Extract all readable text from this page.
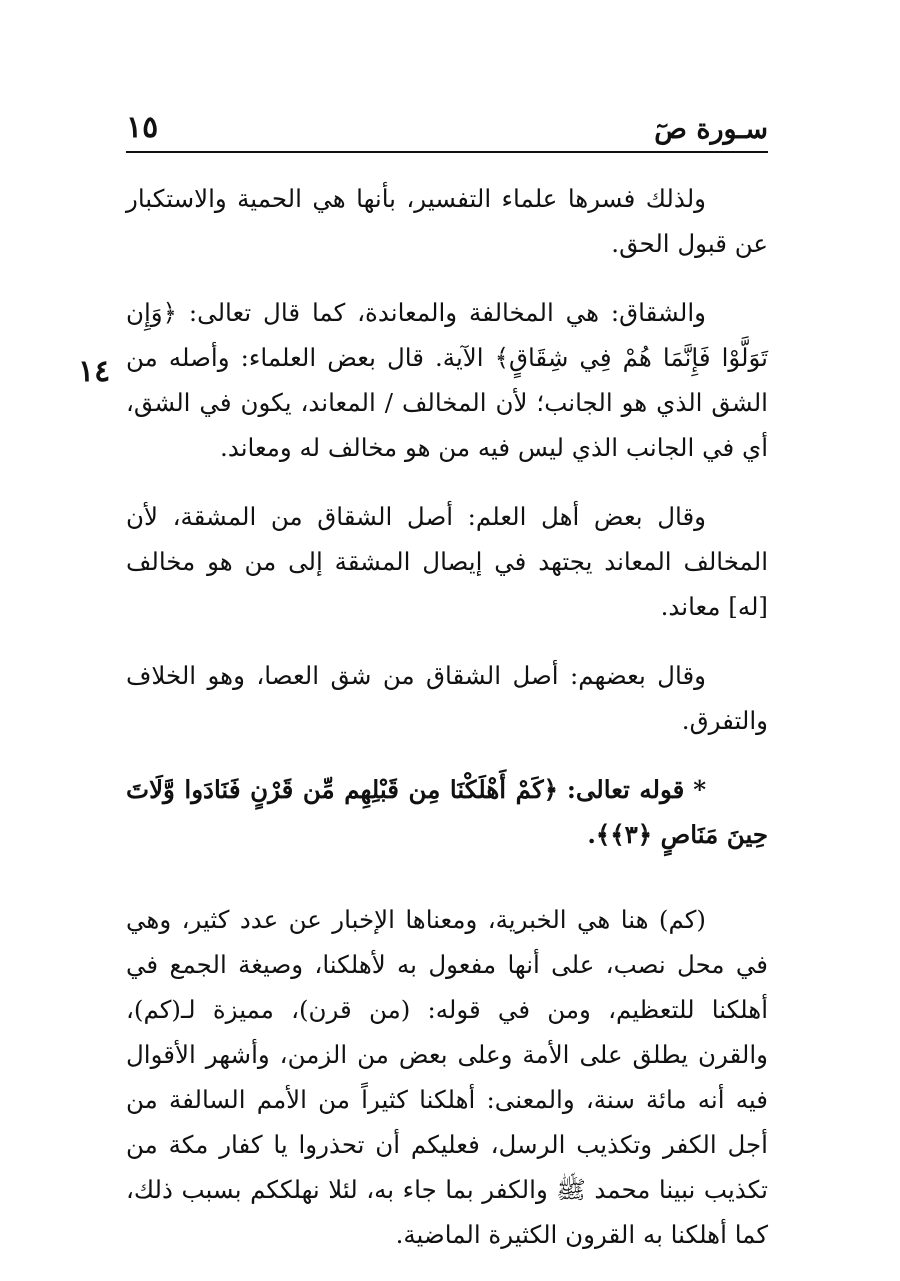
سـورة صٓ
١٥
١٤

ولذلك فسرها علماء التفسير، بأنها هي الحمية والاستكبار عن قبول الحق.

والشقاق: هي المخالفة والمعاندة، كما قال تعالى: ﴿وَإِن تَوَلَّوْا فَإِنَّمَا هُمْ فِي شِقَاقٍ﴾ الآية. قال بعض العلماء: وأصله من الشق الذي هو الجانب؛ لأن المخالف / المعاند، يكون في الشق، أي في الجانب الذي ليس فيه من هو مخالف له ومعاند.

وقال بعض أهل العلم: أصل الشقاق من المشقة، لأن المخالف المعاند يجتهد في إيصال المشقة إلى من هو مخالف [له] معاند.

وقال بعضهم: أصل الشقاق من شق العصا، وهو الخلاف والتفرق.

* قوله تعالى: ﴿كَمْ أَهْلَكْنَا مِن قَبْلِهِم مِّن قَرْنٍ فَنَادَوا وَّلَاتَ حِينَ مَنَاصٍ ﴿٣﴾﴾.

(كم) هنا هي الخبرية، ومعناها الإخبار عن عدد كثير، وهي في محل نصب، على أنها مفعول به لأهلكنا، وصيغة الجمع في أهلكنا للتعظيم، ومن في قوله: (من قرن)، مميزة لـ(كم)، والقرن يطلق على الأمة وعلى بعض من الزمن، وأشهر الأقوال فيه أنه مائة سنة، والمعنى: أهلكنا كثيراً من الأمم السالفة من أجل الكفر وتكذيب الرسل، فعليكم أن تحذروا يا كفار مكة من تكذيب نبينا محمد ﷺ والكفر بما جاء به، لئلا نهلككم بسبب ذلك، كما أهلكنا به القرون الكثيرة الماضية.
